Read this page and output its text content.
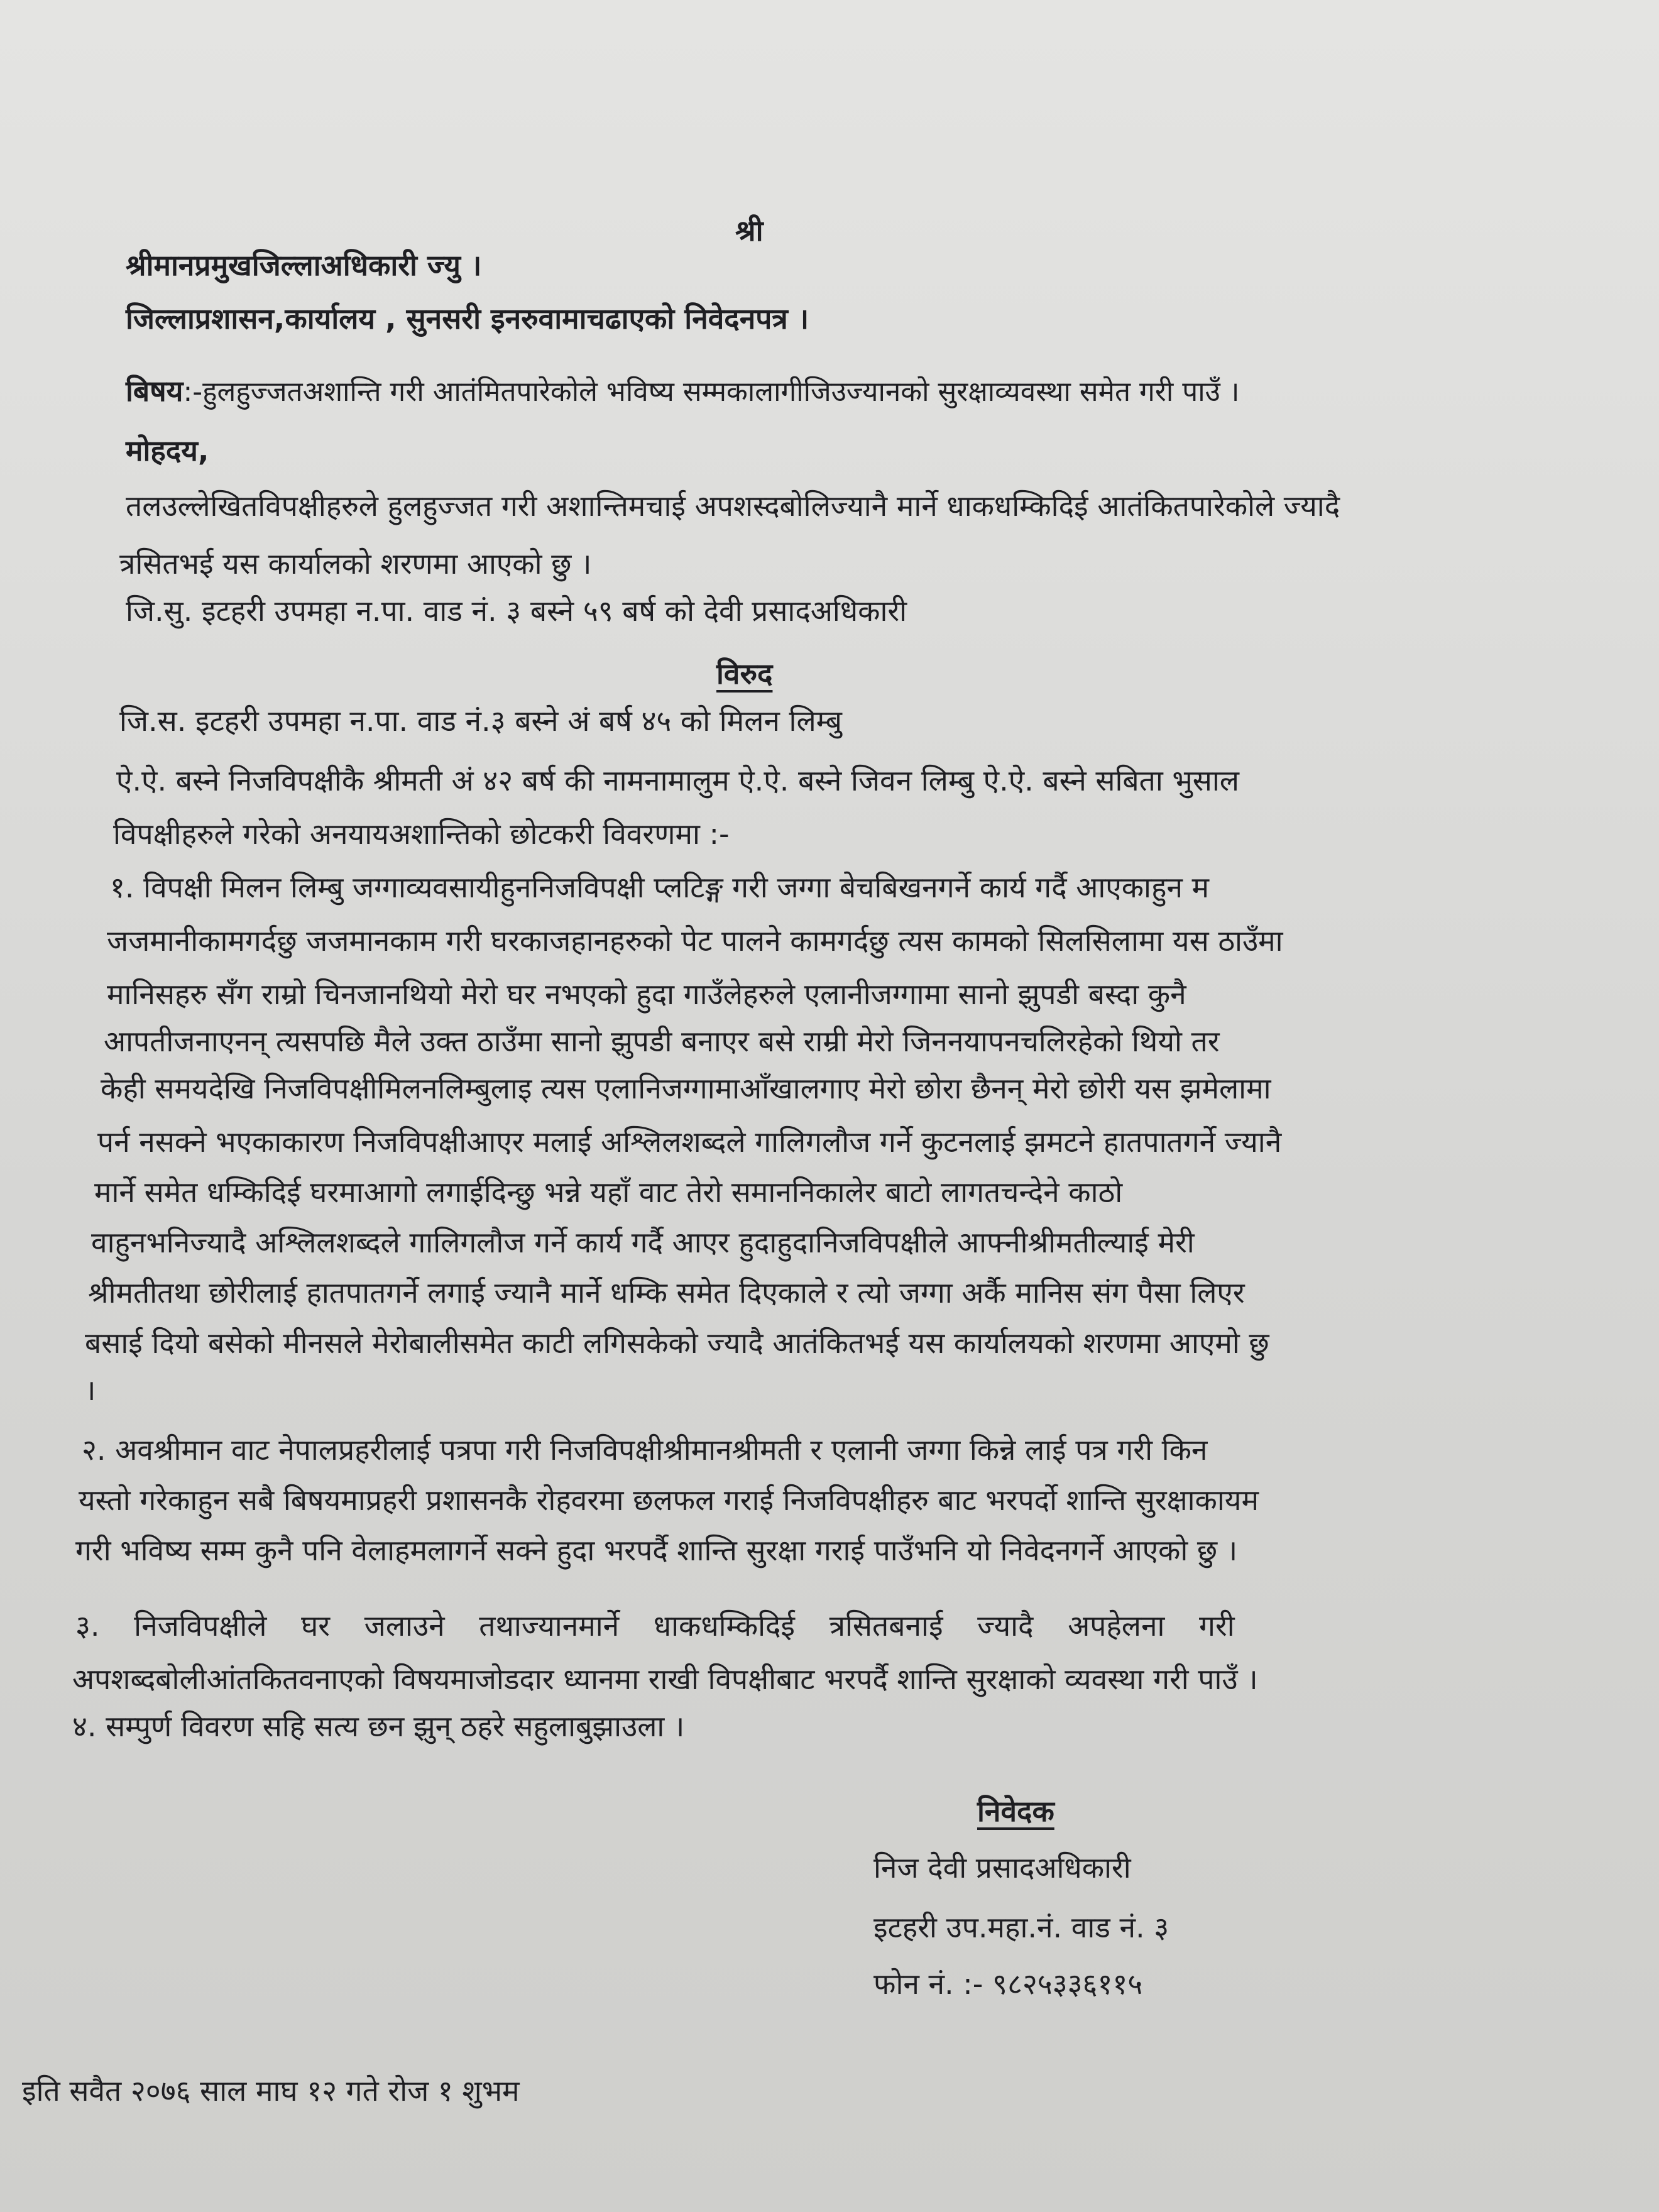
श्री

श्रीमानप्रमुखजिल्लाअधिकारी ज्यु ।

जिल्लाप्रशासन,कार्यालय , सुनसरी इनरुवामाचढाएको निवेदनपत्र ।

बिषय:-हुलहुज्जतअशान्ति गरी आतंमितपारेकोले भविष्य सम्मकालागीजिउज्यानको सुरक्षाव्यवस्था समेत गरी पाउँ ।

मोहदय,

तलउल्लेखितविपक्षीहरुले हुलहुज्जत गरी अशान्तिमचाई अपशस्दबोलिज्यानै मार्ने धाकधम्किदिई आतंकितपारेकोले ज्यादै

त्रसितभई यस कार्यालको शरणमा आएको छु ।

जि.सु. इटहरी उपमहा न.पा. वाड नं. ३ बस्ने ५९ बर्ष को देवी प्रसादअधिकारी

विरुद

जि.स. इटहरी उपमहा न.पा. वाड नं.३ बस्ने अं बर्ष ४५ को मिलन लिम्बु

ऐ.ऐ. बस्ने निजविपक्षीकै श्रीमती अं ४२ बर्ष की नामनामालुम ऐ.ऐ. बस्ने जिवन लिम्बु ऐ.ऐ. बस्ने सबिता भुसाल

विपक्षीहरुले गरेको अनयायअशान्तिको छोटकरी विवरणमा :-

१. विपक्षी मिलन लिम्बु जग्गाव्यवसायीहुननिजविपक्षी प्लटिङ्ग गरी जग्गा बेचबिखनगर्ने कार्य गर्दै आएकाहुन म

जजमानीकामगर्दछु जजमानकाम गरी घरकाजहानहरुको पेट पालने कामगर्दछु त्यस कामको सिलसिलामा यस ठाउँमा

मानिसहरु सँग राम्रो चिनजानथियो मेरो घर नभएको हुदा गाउँलेहरुले एलानीजग्गामा सानो झुपडी बस्दा कुनै

आपतीजनाएनन् त्यसपछि मैले उक्त ठाउँमा सानो झुपडी बनाएर बसे राम्री मेरो जिननयापनचलिरहेको थियो तर

केही समयदेखि निजविपक्षीमिलनलिम्बुलाइ त्यस एलानिजग्गामाआँखालगाए मेरो छोरा छैनन् मेरो छोरी यस झमेलामा

पर्न नसक्ने भएकाकारण निजविपक्षीआएर मलाई अश्लिलशब्दले गालिगलौज गर्ने कुटनलाई झमटने हातपातगर्ने ज्यानै

मार्ने समेत धम्किदिई घरमाआगो लगाईदिन्छु भन्ने यहाँ वाट तेरो समाननिकालेर बाटो लागतचन्देने काठो

वाहुनभनिज्यादै अश्लिलशब्दले गालिगलौज गर्ने कार्य गर्दै आएर हुदाहुदानिजविपक्षीले आफ्नीश्रीमतील्याई मेरी

श्रीमतीतथा छोरीलाई हातपातगर्ने लगाई ज्यानै मार्ने धम्कि समेत दिएकाले र त्यो जग्गा अर्कै मानिस संग पैसा लिएर

बसाई दियो बसेको मीनसले मेरोबालीसमेत काटी लगिसकेको ज्यादै आतंकितभई यस कार्यालयको शरणमा आएमो छु

।

२. अवश्रीमान वाट नेपालप्रहरीलाई पत्रपा गरी निजविपक्षीश्रीमानश्रीमती र एलानी जग्गा किन्ने लाई पत्र गरी किन

यस्तो गरेकाहुन सबै बिषयमाप्रहरी प्रशासनकै रोहवरमा छलफल गराई निजविपक्षीहरु बाट भरपर्दो शान्ति सुरक्षाकायम

गरी भविष्य सम्म कुनै पनि वेलाहमलागर्ने सक्ने हुदा भरपर्दै शान्ति सुरक्षा गराई पाउँभनि यो निवेदनगर्ने आएको छु ।

३. निजविपक्षीले घर जलाउने तथाज्यानमार्ने धाकधम्किदिई त्रसितबनाई ज्यादै अपहेलना गरी

अपशब्दबोलीआंतकितवनाएको विषयमाजोडदार ध्यानमा राखी विपक्षीबाट भरपर्दै शान्ति सुरक्षाको व्यवस्था गरी पाउँ ।

४. सम्पुर्ण विवरण सहि सत्य छन झुन् ठहरे सहुलाबुझाउला ।

निवेदक

निज देवी प्रसादअधिकारी

इटहरी उप.महा.नं. वाड नं. ३

फोन नं. :- ९८२५३३६११५

इति सवैत २०७६ साल माघ १२ गते रोज १ शुभम
